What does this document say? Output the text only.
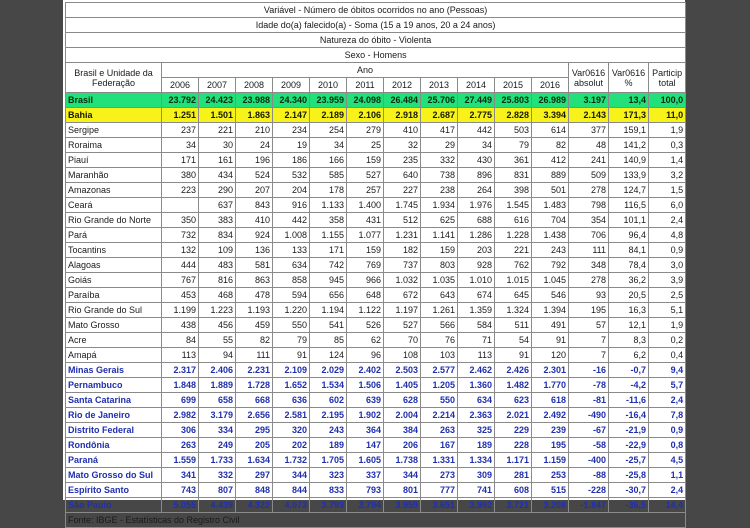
Variável - Número de óbitos ocorridos no ano (Pessoas)														
Idade do(a) falecido(a) - Soma (15 a 19 anos, 20 a 24 anos)														
Natureza do óbito - Violenta														
Sexo - Homens														
Brasil e Unidade da Federação	Ano											Var0616 absolut	Var0616 %	Particip total
	2006	2007	2008	2009	2010	2011	2012	2013	2014	2015	2016			
Brasil	23.792	24.423	23.988	24.340	23.959	24.098	26.484	25.706	27.449	25.803	26.989	3.197	13,4	100,0
Bahia	1.251	1.501	1.863	2.147	2.189	2.106	2.918	2.687	2.775	2.828	3.394	2.143	171,3	11,0
Sergipe	237	221	210	234	254	279	410	417	442	503	614	377	159,1	1,9
Roraima	34	30	24	19	34	25	32	29	34	79	82	48	141,2	0,3
Piauí	171	161	196	186	166	159	235	332	430	361	412	241	140,9	1,4
Maranhão	380	434	524	532	585	527	640	738	896	831	889	509	133,9	3,2
Amazonas	223	290	207	204	178	257	227	238	264	398	501	278	124,7	1,5
Ceará		637	843	916	1.133	1.400	1.745	1.934	1.976	1.545	1.483	798	116,5	6,0
Rio Grande do Norte	350	383	410	442	358	431	512	625	688	616	704	354	101,1	2,4
Pará	732	834	924	1.008	1.155	1.077	1.231	1.141	1.286	1.228	1.438	706	96,4	4,8
Tocantins	132	109	136	133	171	159	182	159	203	221	243	111	84,1	0,9
Alagoas	444	483	581	634	742	769	737	803	928	762	792	348	78,4	3,0
Goiás	767	816	863	858	945	966	1.032	1.035	1.010	1.015	1.045	278	36,2	3,9
Paraíba	453	468	478	594	656	648	672	643	674	645	546	93	20,5	2,5
Rio Grande do Sul	1.199	1.223	1.193	1.220	1.194	1.122	1.197	1.261	1.359	1.324	1.394	195	16,3	5,1
Mato Grosso	438	456	459	550	541	526	527	566	584	511	491	57	12,1	1,9
Acre	84	55	82	79	85	62	70	76	71	54	91	7	8,3	0,2
Amapá	113	94	111	91	124	96	108	103	113	91	120	7	6,2	0,4
Minas Gerais	2.317	2.406	2.231	2.109	2.029	2.402	2.503	2.577	2.462	2.426	2.301	-16	-0,7	9,4
Pernambuco	1.848	1.889	1.728	1.652	1.534	1.506	1.405	1.205	1.360	1.482	1.770	-78	-4,2	5,7
Santa Catarina	699	658	668	636	602	639	628	550	634	623	618	-81	-11,6	2,4
Rio de Janeiro	2.982	3.179	2.656	2.581	2.195	1.902	2.004	2.214	2.363	2.021	2.492	-490	-16,4	7,8
Distrito Federal	306	334	295	320	243	364	384	263	325	229	239	-67	-21,9	0,9
Rondônia	263	249	205	202	189	147	206	167	189	228	195	-58	-22,9	0,8
Paraná	1.559	1.733	1.634	1.732	1.705	1.605	1.738	1.331	1.334	1.171	1.159	-400	-25,7	4,5
Mato Grosso do Sul	341	332	297	344	323	337	344	273	309	281	253	-88	-25,8	1,1
Espírito Santo	743	807	848	844	833	793	801	777	741	608	515	-228	-30,7	2,4
São Paulo	5.055	4.439	4.322	4.073	3.793	3.794	3.959	3.651	3.992	3.721	3.208	-1.847	-36,5	14,4
Fonte: IBGE - Estatísticas do Registro Civil														
